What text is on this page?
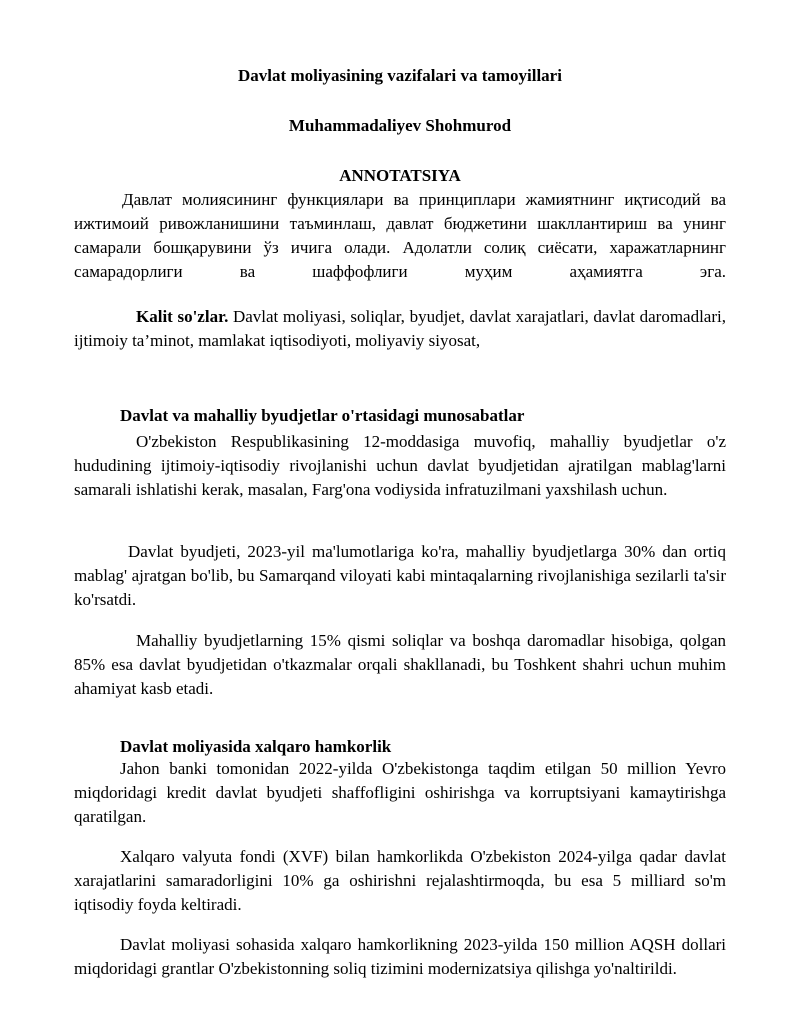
Davlat moliyasining vazifalari va tamoyillari
Muhammadaliyev Shohmurod
ANNOTATSIYA

Давлат молиясининг функциялари ва принциплари жамиятнинг иқтисодий ва ижтимоий ривожланишини таъминлаш, давлат бюджетини шакллантириш ва унинг самарали бошқарувини ўз ичига олади. Адолатли солиқ сиёсати, харажатларнинг самарадорлиги ва шаффофлиги муҳим аҳамиятга эга.

Kalit so'zlar. Davlat moliyasi, soliqlar, byudjet, davlat xarajatlari, davlat daromadlari, ijtimoiy ta’minot, mamlakat iqtisodiyoti, moliyaviy siyosat,

Davlat va mahalliy byudjetlar o'rtasidagi munosabatlar

O'zbekiston Respublikasining 12-moddasiga muvofiq, mahalliy byudjetlar o'z hududining ijtimoiy-iqtisodiy rivojlanishi uchun davlat byudjetidan ajratilgan mablag'larni samarali ishlatishi kerak, masalan, Farg'ona vodiysida infratuzilmani yaxshilash uchun.

Davlat byudjeti, 2023-yil ma'lumotlariga ko'ra, mahalliy byudjetlarga 30% dan ortiq mablag' ajratgan bo'lib, bu Samarqand viloyati kabi mintaqalarning rivojlanishiga sezilarli ta'sir ko'rsatdi.

Mahalliy byudjetlarning 15% qismi soliqlar va boshqa daromadlar hisobiga, qolgan 85% esa davlat byudjetidan o'tkazmalar orqali shakllanadi, bu Toshkent shahri uchun muhim ahamiyat kasb etadi.

Davlat moliyasida xalqaro hamkorlik

Jahon banki tomonidan 2022-yilda O'zbekistonga taqdim etilgan 50 million Yevro miqdoridagi kredit davlat byudjeti shaffofligini oshirishga va korruptsiyani kamaytirishga qaratilgan.

Xalqaro valyuta fondi (XVF) bilan hamkorlikda O'zbekiston 2024-yilga qadar davlat xarajatlarini samaradorligini 10% ga oshirishni rejalashtirmoqda, bu esa 5 milliard so'm iqtisodiy foyda keltiradi.

Davlat moliyasi sohasida xalqaro hamkorlikning 2023-yilda 150 million AQSH dollari miqdoridagi grantlar O'zbekistonning soliq tizimini modernizatsiya qilishga yo'naltirildi.
